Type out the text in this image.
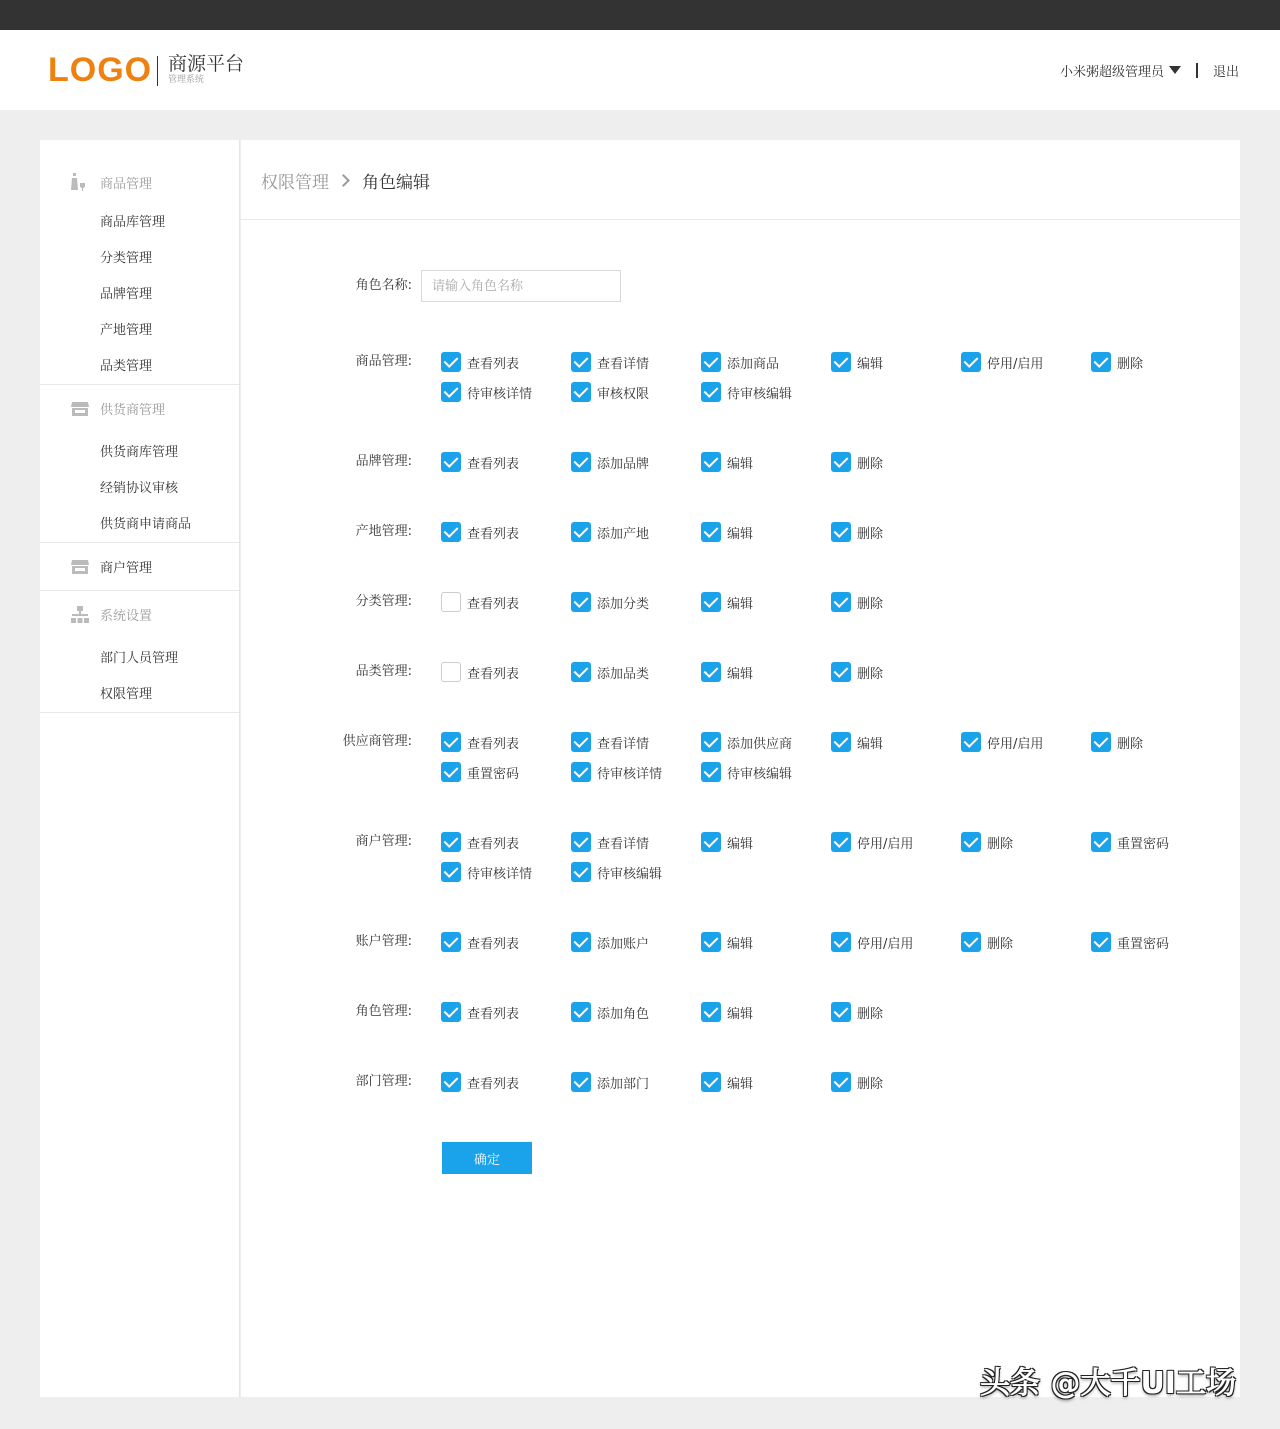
LOGO 商源平台
管理系统
小米粥超级管理员	退出
商品管理
商品库管理
分类管理
品牌管理
产地管理
品类管理
供货商管理
供货商库管理
经销协议审核
供货商申请商品
商户管理
系统设置
部门人员管理
权限管理
权限管理 角色编辑
角色名称:
请输入角色名称
商品管理:	查看列表	查看详情	添加商品	编辑	停用/启用	删除
待审核详情	审核权限	待审核编辑
品牌管理:	查看列表	添加品牌	编辑	删除
产地管理:	查看列表	添加产地	编辑	删除
分类管理:	查看列表	添加分类	编辑	删除
品类管理:	查看列表	添加品类	编辑	删除
供应商管理:	查看列表	查看详情	添加供应商	编辑	停用/启用	删除
重置密码	待审核详情	待审核编辑
商户管理:	查看列表	查看详情	编辑	停用/启用	删除	重置密码
待审核详情	待审核编辑
账户管理:	查看列表	添加账户	编辑	停用/启用	删除	重置密码
角色管理:	查看列表	添加角色	编辑	删除
部门管理:	查看列表	添加部门	编辑	删除
确定
头条 @大千UI工场
